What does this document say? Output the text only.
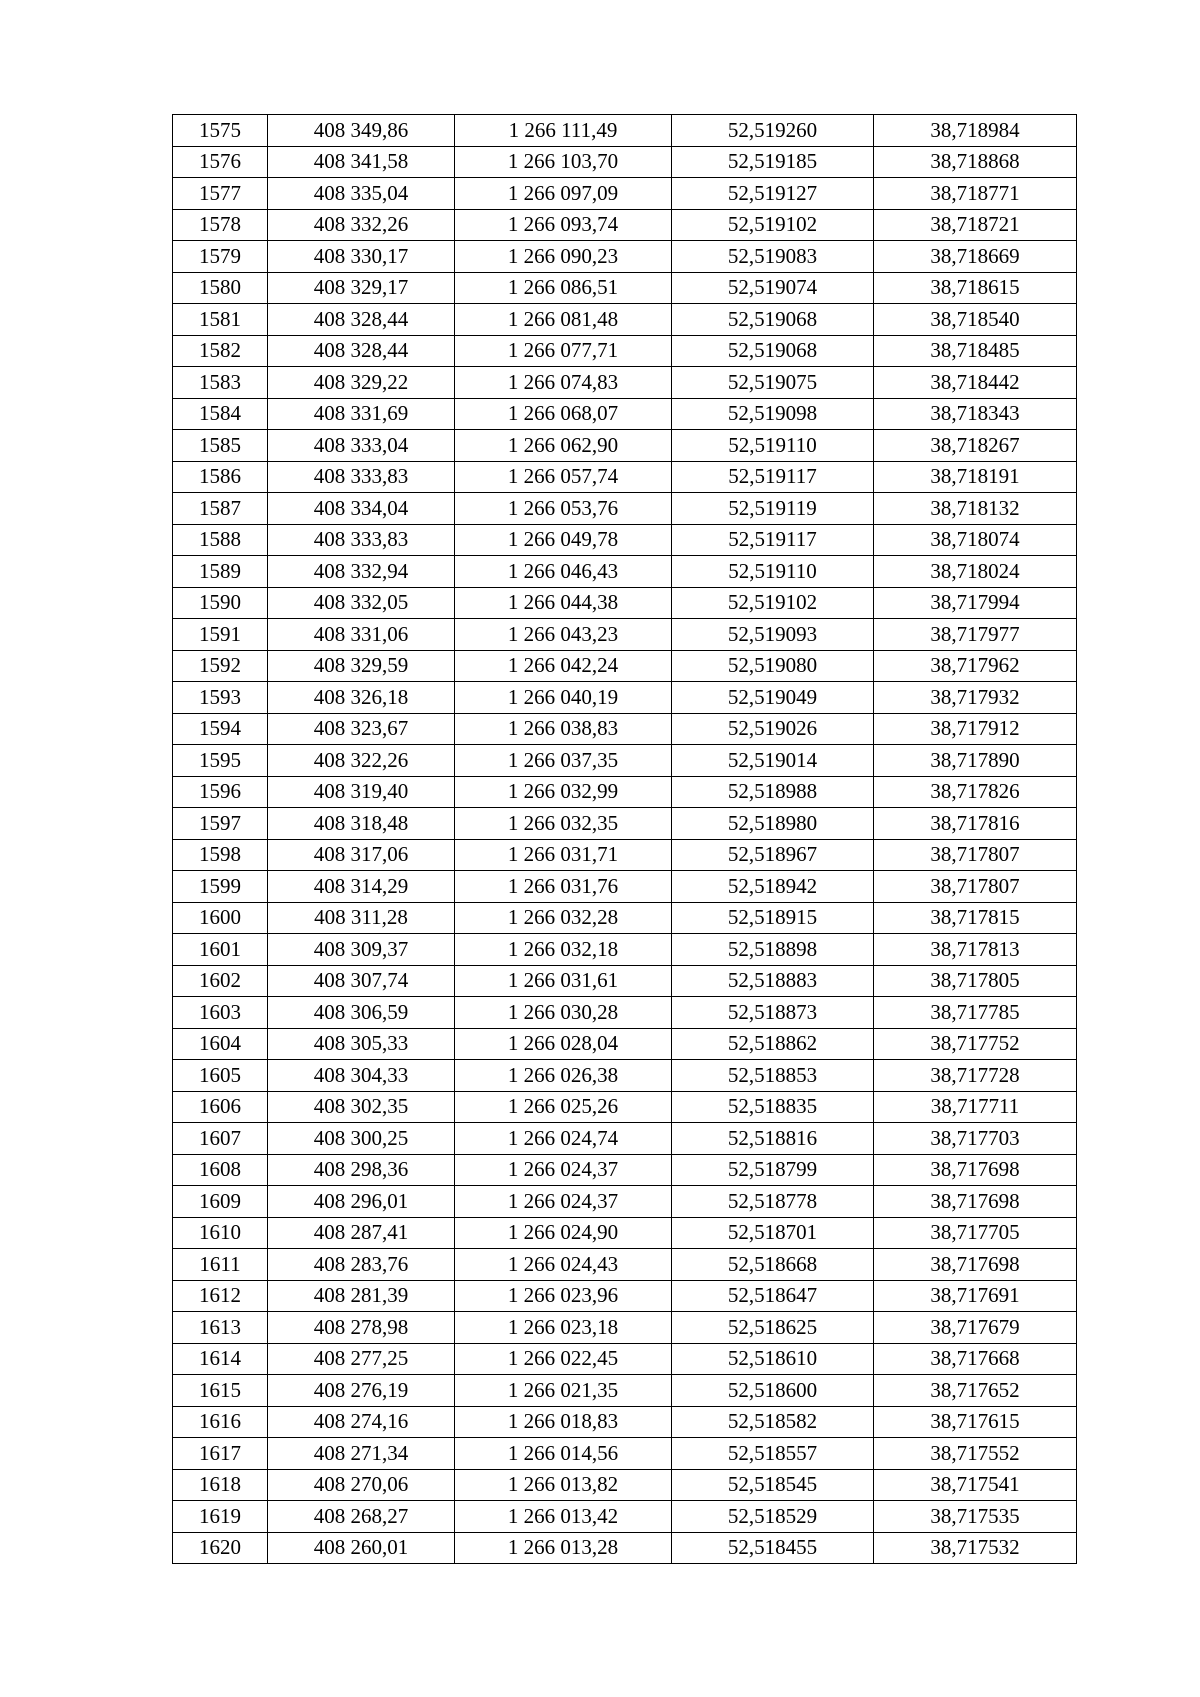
1575	408 349,86	1 266 111,49	52,519260	38,718984
1576	408 341,58	1 266 103,70	52,519185	38,718868
1577	408 335,04	1 266 097,09	52,519127	38,718771
1578	408 332,26	1 266 093,74	52,519102	38,718721
1579	408 330,17	1 266 090,23	52,519083	38,718669
1580	408 329,17	1 266 086,51	52,519074	38,718615
1581	408 328,44	1 266 081,48	52,519068	38,718540
1582	408 328,44	1 266 077,71	52,519068	38,718485
1583	408 329,22	1 266 074,83	52,519075	38,718442
1584	408 331,69	1 266 068,07	52,519098	38,718343
1585	408 333,04	1 266 062,90	52,519110	38,718267
1586	408 333,83	1 266 057,74	52,519117	38,718191
1587	408 334,04	1 266 053,76	52,519119	38,718132
1588	408 333,83	1 266 049,78	52,519117	38,718074
1589	408 332,94	1 266 046,43	52,519110	38,718024
1590	408 332,05	1 266 044,38	52,519102	38,717994
1591	408 331,06	1 266 043,23	52,519093	38,717977
1592	408 329,59	1 266 042,24	52,519080	38,717962
1593	408 326,18	1 266 040,19	52,519049	38,717932
1594	408 323,67	1 266 038,83	52,519026	38,717912
1595	408 322,26	1 266 037,35	52,519014	38,717890
1596	408 319,40	1 266 032,99	52,518988	38,717826
1597	408 318,48	1 266 032,35	52,518980	38,717816
1598	408 317,06	1 266 031,71	52,518967	38,717807
1599	408 314,29	1 266 031,76	52,518942	38,717807
1600	408 311,28	1 266 032,28	52,518915	38,717815
1601	408 309,37	1 266 032,18	52,518898	38,717813
1602	408 307,74	1 266 031,61	52,518883	38,717805
1603	408 306,59	1 266 030,28	52,518873	38,717785
1604	408 305,33	1 266 028,04	52,518862	38,717752
1605	408 304,33	1 266 026,38	52,518853	38,717728
1606	408 302,35	1 266 025,26	52,518835	38,717711
1607	408 300,25	1 266 024,74	52,518816	38,717703
1608	408 298,36	1 266 024,37	52,518799	38,717698
1609	408 296,01	1 266 024,37	52,518778	38,717698
1610	408 287,41	1 266 024,90	52,518701	38,717705
1611	408 283,76	1 266 024,43	52,518668	38,717698
1612	408 281,39	1 266 023,96	52,518647	38,717691
1613	408 278,98	1 266 023,18	52,518625	38,717679
1614	408 277,25	1 266 022,45	52,518610	38,717668
1615	408 276,19	1 266 021,35	52,518600	38,717652
1616	408 274,16	1 266 018,83	52,518582	38,717615
1617	408 271,34	1 266 014,56	52,518557	38,717552
1618	408 270,06	1 266 013,82	52,518545	38,717541
1619	408 268,27	1 266 013,42	52,518529	38,717535
1620	408 260,01	1 266 013,28	52,518455	38,717532
